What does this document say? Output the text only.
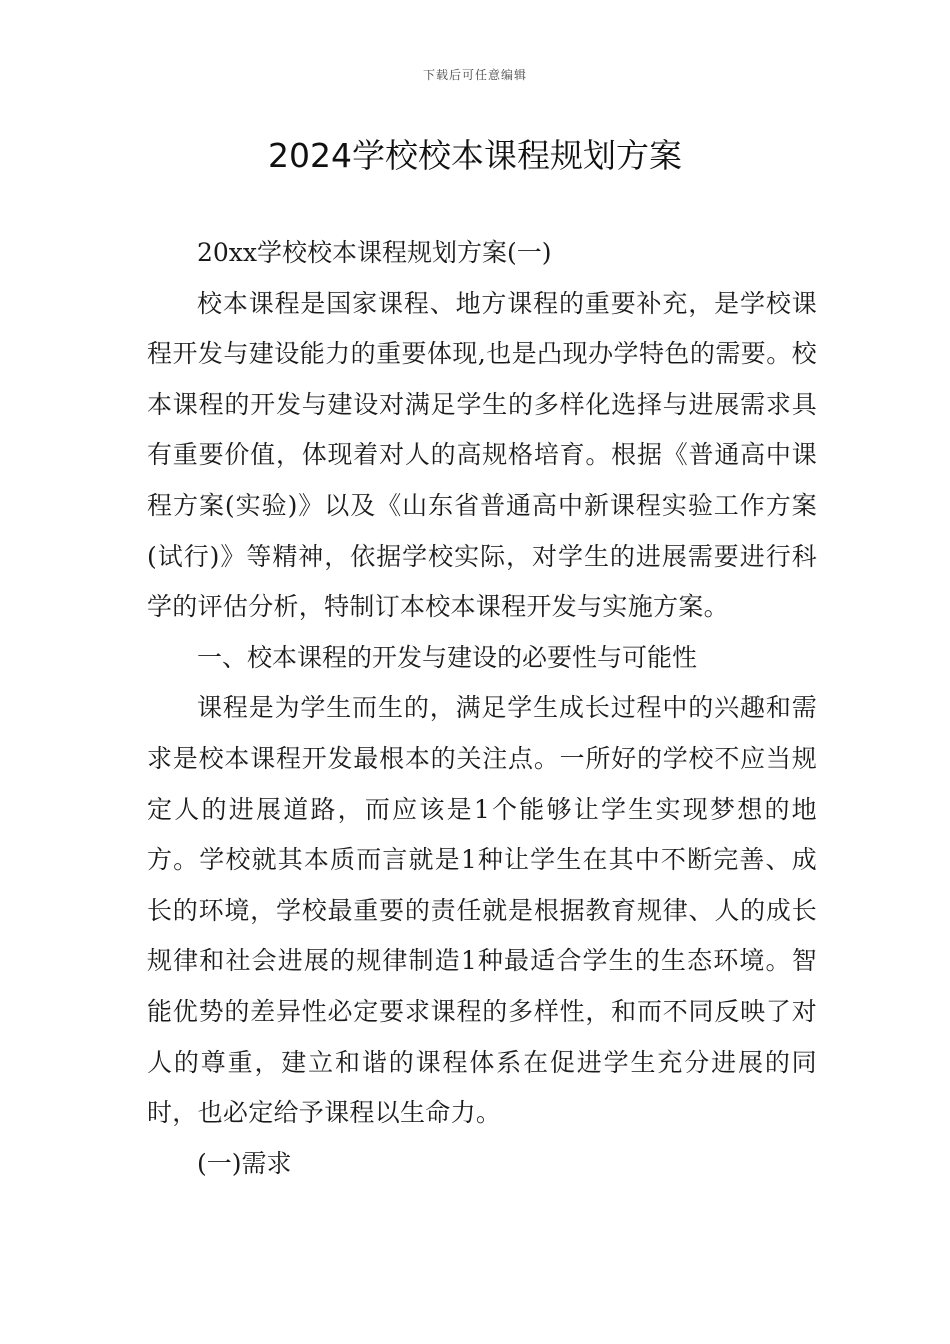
下载后可任意编辑
2024学校校本课程规划方案

20xx学校校本课程规划方案(一)

校本课程是国家课程、地方课程的重要补充，是学校课程开发与建设能力的重要体现,也是凸现办学特色的需要。校本课程的开发与建设对满足学生的多样化选择与进展需求具有重要价值，体现着对人的高规格培育。根据《普通高中课程方案(实验)》以及《山东省普通高中新课程实验工作方案(试行)》等精神，依据学校实际，对学生的进展需要进行科学的评估分析，特制订本校本课程开发与实施方案。

一、校本课程的开发与建设的必要性与可能性

课程是为学生而生的，满足学生成长过程中的兴趣和需求是校本课程开发最根本的关注点。一所好的学校不应当规定人的进展道路，而应该是1个能够让学生实现梦想的地方。学校就其本质而言就是1种让学生在其中不断完善、成长的环境，学校最重要的责任就是根据教育规律、人的成长规律和社会进展的规律制造1种最适合学生的生态环境。智能优势的差异性必定要求课程的多样性，和而不同反映了对人的尊重，建立和谐的课程体系在促进学生充分进展的同时，也必定给予课程以生命力。

(一)需求
